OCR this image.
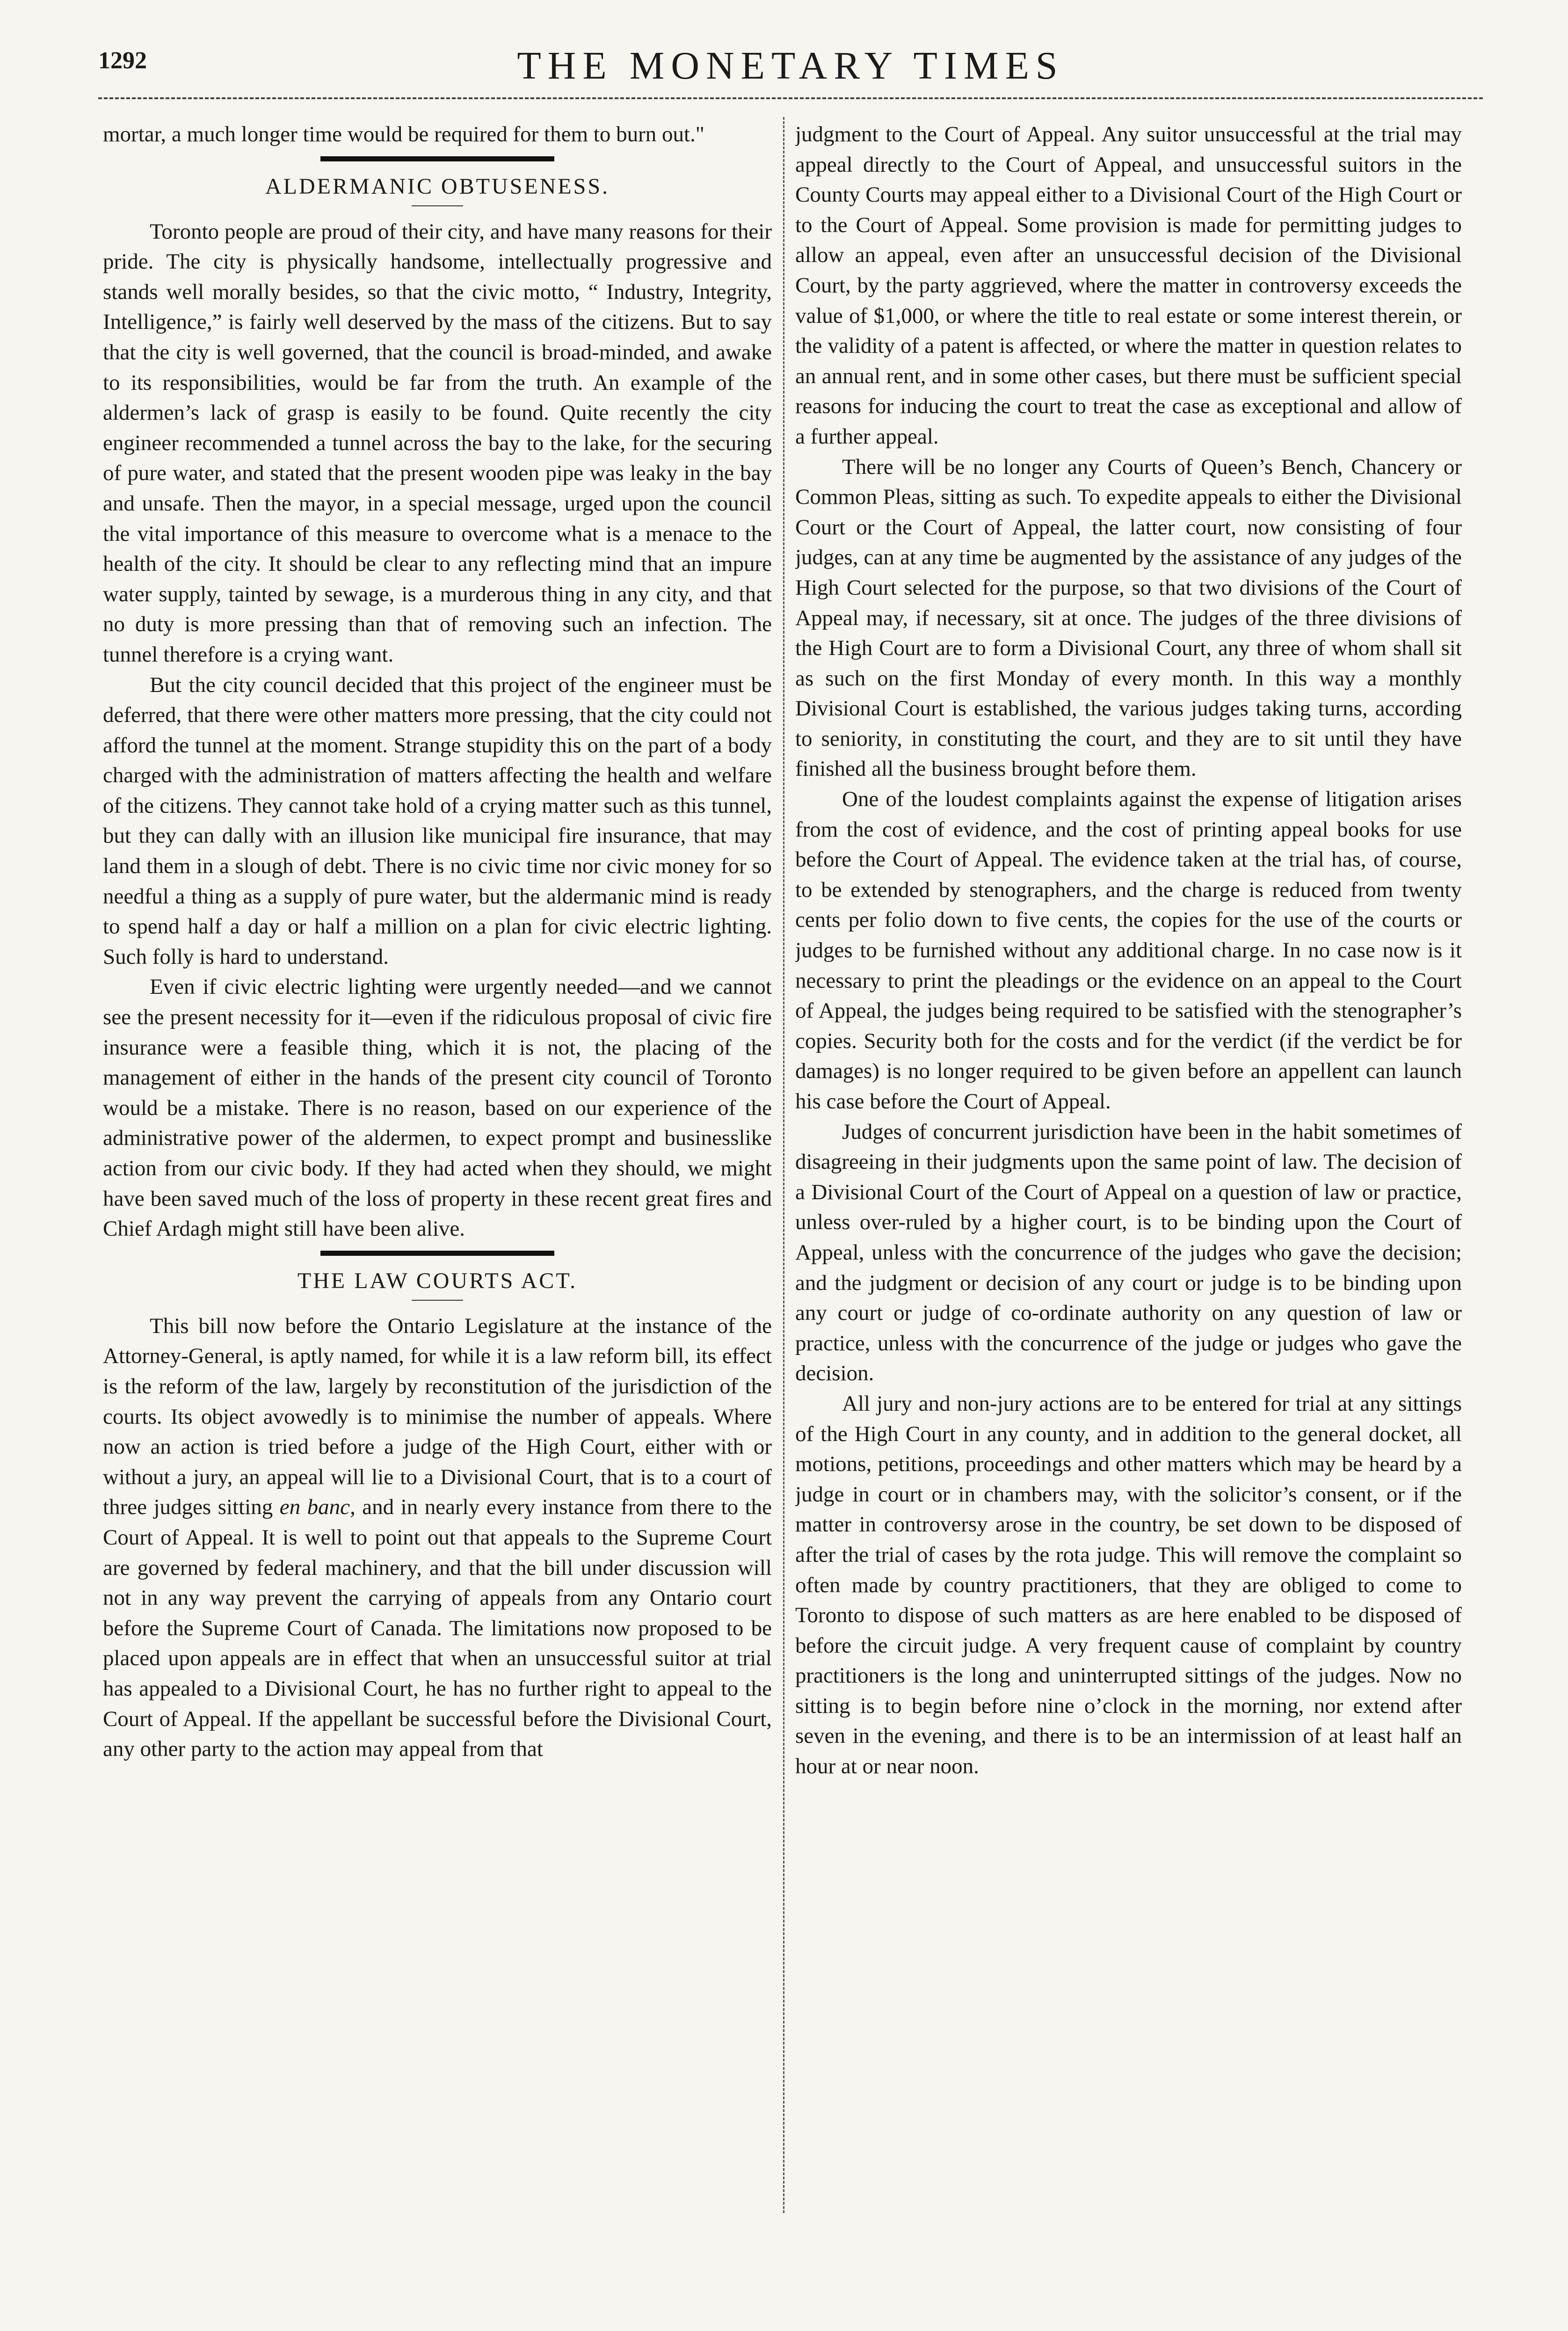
1292	THE MONETARY TIMES

mortar, a much longer time would be required for them to burn out."

ALDERMANIC OBTUSENESS.

Toronto people are proud of their city, and have many reasons for their pride. The city is physically handsome, intellectually progressive and stands well morally besides, so that the civic motto, “ Industry, Integrity, Intelligence,” is fairly well deserved by the mass of the citizens. But to say that the city is well governed, that the council is broad-minded, and awake to its responsibilities, would be far from the truth. An example of the aldermen’s lack of grasp is easily to be found. Quite recently the city engineer recommended a tunnel across the bay to the lake, for the securing of pure water, and stated that the present wooden pipe was leaky in the bay and unsafe. Then the mayor, in a special message, urged upon the council the vital importance of this measure to overcome what is a menace to the health of the city. It should be clear to any reflecting mind that an impure water supply, tainted by sewage, is a murderous thing in any city, and that no duty is more pressing than that of removing such an infection. The tunnel therefore is a crying want.

But the city council decided that this project of the engineer must be deferred, that there were other matters more pressing, that the city could not afford the tunnel at the moment. Strange stupidity this on the part of a body charged with the administration of matters affecting the health and welfare of the citizens. They cannot take hold of a crying matter such as this tunnel, but they can dally with an illusion like municipal fire insurance, that may land them in a slough of debt. There is no civic time nor civic money for so needful a thing as a supply of pure water, but the aldermanic mind is ready to spend half a day or half a million on a plan for civic electric lighting. Such folly is hard to understand.

Even if civic electric lighting were urgently needed—and we cannot see the present necessity for it—even if the ridiculous proposal of civic fire insurance were a feasible thing, which it is not, the placing of the management of either in the hands of the present city council of Toronto would be a mistake. There is no reason, based on our experience of the administrative power of the aldermen, to expect prompt and businesslike action from our civic body. If they had acted when they should, we might have been saved much of the loss of property in these recent great fires and Chief Ardagh might still have been alive.

THE LAW COURTS ACT.

This bill now before the Ontario Legislature at the instance of the Attorney-General, is aptly named, for while it is a law reform bill, its effect is the reform of the law, largely by reconstitution of the jurisdiction of the courts. Its object avowedly is to minimise the number of appeals. Where now an action is tried before a judge of the High Court, either with or without a jury, an appeal will lie to a Divisional Court, that is to a court of three judges sitting en banc, and in nearly every instance from there to the Court of Appeal. It is well to point out that appeals to the Supreme Court are governed by federal machinery, and that the bill under discussion will not in any way prevent the carrying of appeals from any Ontario court before the Supreme Court of Canada. The limitations now proposed to be placed upon appeals are in effect that when an unsuccessful suitor at trial has appealed to a Divisional Court, he has no further right to appeal to the Court of Appeal. If the appellant be successful before the Divisional Court, any other party to the action may appeal from that

judgment to the Court of Appeal. Any suitor unsuccessful at the trial may appeal directly to the Court of Appeal, and unsuccessful suitors in the County Courts may appeal either to a Divisional Court of the High Court or to the Court of Appeal. Some provision is made for permitting judges to allow an appeal, even after an unsuccessful decision of the Divisional Court, by the party aggrieved, where the matter in controversy exceeds the value of $1,000, or where the title to real estate or some interest therein, or the validity of a patent is affected, or where the matter in question relates to an annual rent, and in some other cases, but there must be sufficient special reasons for inducing the court to treat the case as exceptional and allow of a further appeal.

There will be no longer any Courts of Queen’s Bench, Chancery or Common Pleas, sitting as such. To expedite appeals to either the Divisional Court or the Court of Appeal, the latter court, now consisting of four judges, can at any time be augmented by the assistance of any judges of the High Court selected for the purpose, so that two divisions of the Court of Appeal may, if necessary, sit at once. The judges of the three divisions of the High Court are to form a Divisional Court, any three of whom shall sit as such on the first Monday of every month. In this way a monthly Divisional Court is established, the various judges taking turns, according to seniority, in constituting the court, and they are to sit until they have finished all the business brought before them.

One of the loudest complaints against the expense of litigation arises from the cost of evidence, and the cost of printing appeal books for use before the Court of Appeal. The evidence taken at the trial has, of course, to be extended by stenographers, and the charge is reduced from twenty cents per folio down to five cents, the copies for the use of the courts or judges to be furnished without any additional charge. In no case now is it necessary to print the pleadings or the evidence on an appeal to the Court of Appeal, the judges being required to be satisfied with the stenographer’s copies. Security both for the costs and for the verdict (if the verdict be for damages) is no longer required to be given before an appellent can launch his case before the Court of Appeal.

Judges of concurrent jurisdiction have been in the habit sometimes of disagreeing in their judgments upon the same point of law. The decision of a Divisional Court of the Court of Appeal on a question of law or practice, unless over-ruled by a higher court, is to be binding upon the Court of Appeal, unless with the concurrence of the judges who gave the decision; and the judgment or decision of any court or judge is to be binding upon any court or judge of co-ordinate authority on any question of law or practice, unless with the concurrence of the judge or judges who gave the decision.

All jury and non-jury actions are to be entered for trial at any sittings of the High Court in any county, and in addition to the general docket, all motions, petitions, proceedings and other matters which may be heard by a judge in court or in chambers may, with the solicitor’s consent, or if the matter in controversy arose in the country, be set down to be disposed of after the trial of cases by the rota judge. This will remove the complaint so often made by country practitioners, that they are obliged to come to Toronto to dispose of such matters as are here enabled to be disposed of before the circuit judge. A very frequent cause of complaint by country practitioners is the long and uninterrupted sittings of the judges. Now no sitting is to begin before nine o’clock in the morning, nor extend after seven in the evening, and there is to be an intermission of at least half an hour at or near noon.
